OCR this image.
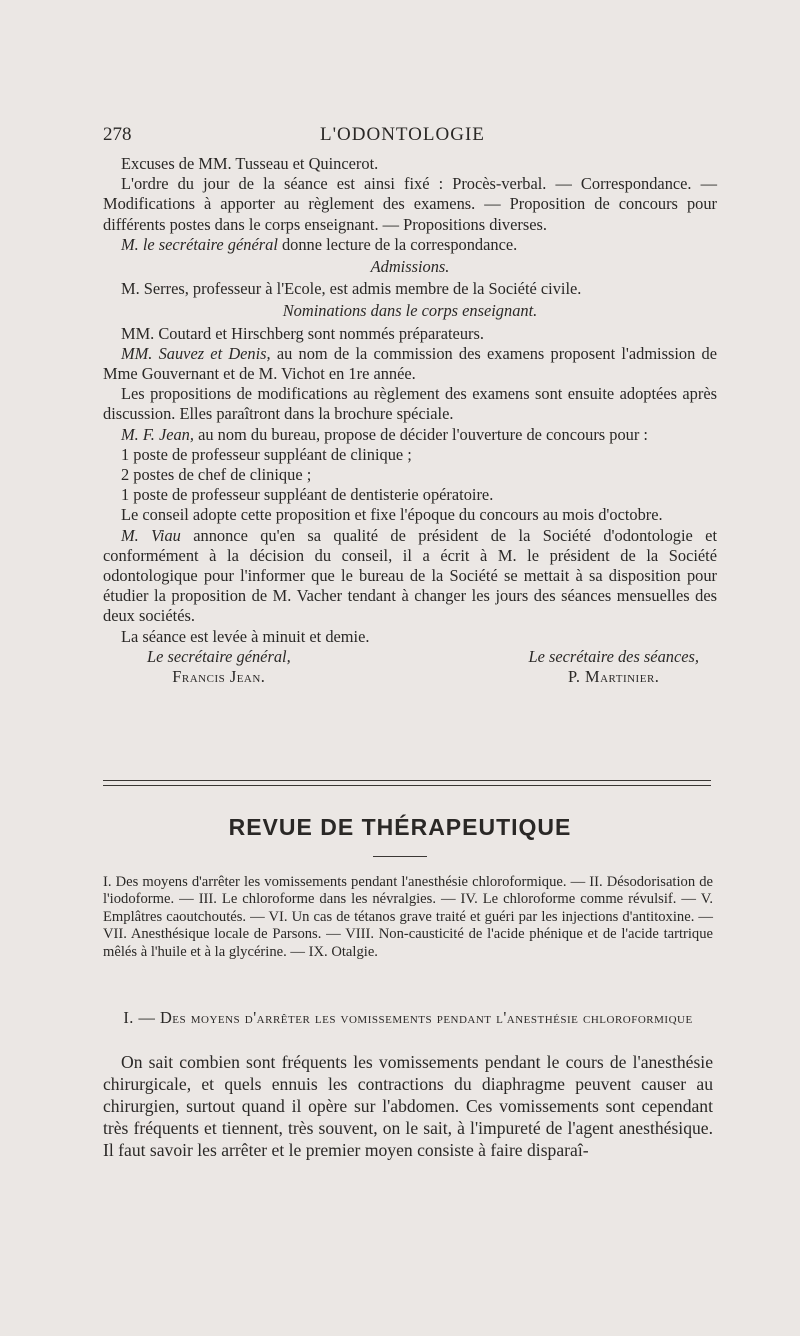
278	L'ODONTOLOGIE

Excuses de MM. Tusseau et Quincerot.

L'ordre du jour de la séance est ainsi fixé : Procès-verbal. — Correspondance. — Modifications à apporter au règlement des examens. — Proposition de concours pour différents postes dans le corps enseignant. — Propositions diverses.

M. le secrétaire général donne lecture de la correspondance.

Admissions.

M. Serres, professeur à l'Ecole, est admis membre de la Société civile.

Nominations dans le corps enseignant.

MM. Coutard et Hirschberg sont nommés préparateurs.

MM. Sauvez et Denis, au nom de la commission des examens proposent l'admission de Mme Gouvernant et de M. Vichot en 1re année.

Les propositions de modifications au règlement des examens sont ensuite adoptées après discussion. Elles paraîtront dans la brochure spéciale.

M. F. Jean, au nom du bureau, propose de décider l'ouverture de concours pour :

1 poste de professeur suppléant de clinique ;

2 postes de chef de clinique ;

1 poste de professeur suppléant de dentisterie opératoire.

Le conseil adopte cette proposition et fixe l'époque du concours au mois d'octobre.

M. Viau annonce qu'en sa qualité de président de la Société d'odontologie et conformément à la décision du conseil, il a écrit à M. le président de la Société odontologique pour l'informer que le bureau de la Société se mettait à sa disposition pour étudier la proposition de M. Vacher tendant à changer les jours des séances mensuelles des deux sociétés.

La séance est levée à minuit et demie.

Le secrétaire général,
Francis Jean.
Le secrétaire des séances,
P. Martinier.
REVUE DE THÉRAPEUTIQUE

I. Des moyens d'arrêter les vomissements pendant l'anesthésie chloroformique. — II. Désodorisation de l'iodoforme. — III. Le chloroforme dans les névralgies. — IV. Le chloroforme comme révulsif. — V. Emplâtres caoutchoutés. — VI. Un cas de tétanos grave traité et guéri par les injections d'antitoxine. — VII. Anesthésique locale de Parsons. — VIII. Non-causticité de l'acide phénique et de l'acide tartrique mêlés à l'huile et à la glycérine. — IX. Otalgie.

I. — Des moyens d'arrêter les vomissements pendant l'anesthésie chloroformique

On sait combien sont fréquents les vomissements pendant le cours de l'anesthésie chirurgicale, et quels ennuis les contractions du diaphragme peuvent causer au chirurgien, surtout quand il opère sur l'abdomen. Ces vomissements sont cependant très fréquents et tiennent, très souvent, on le sait, à l'impureté de l'agent anesthésique. Il faut savoir les arrêter et le premier moyen consiste à faire disparaî-
